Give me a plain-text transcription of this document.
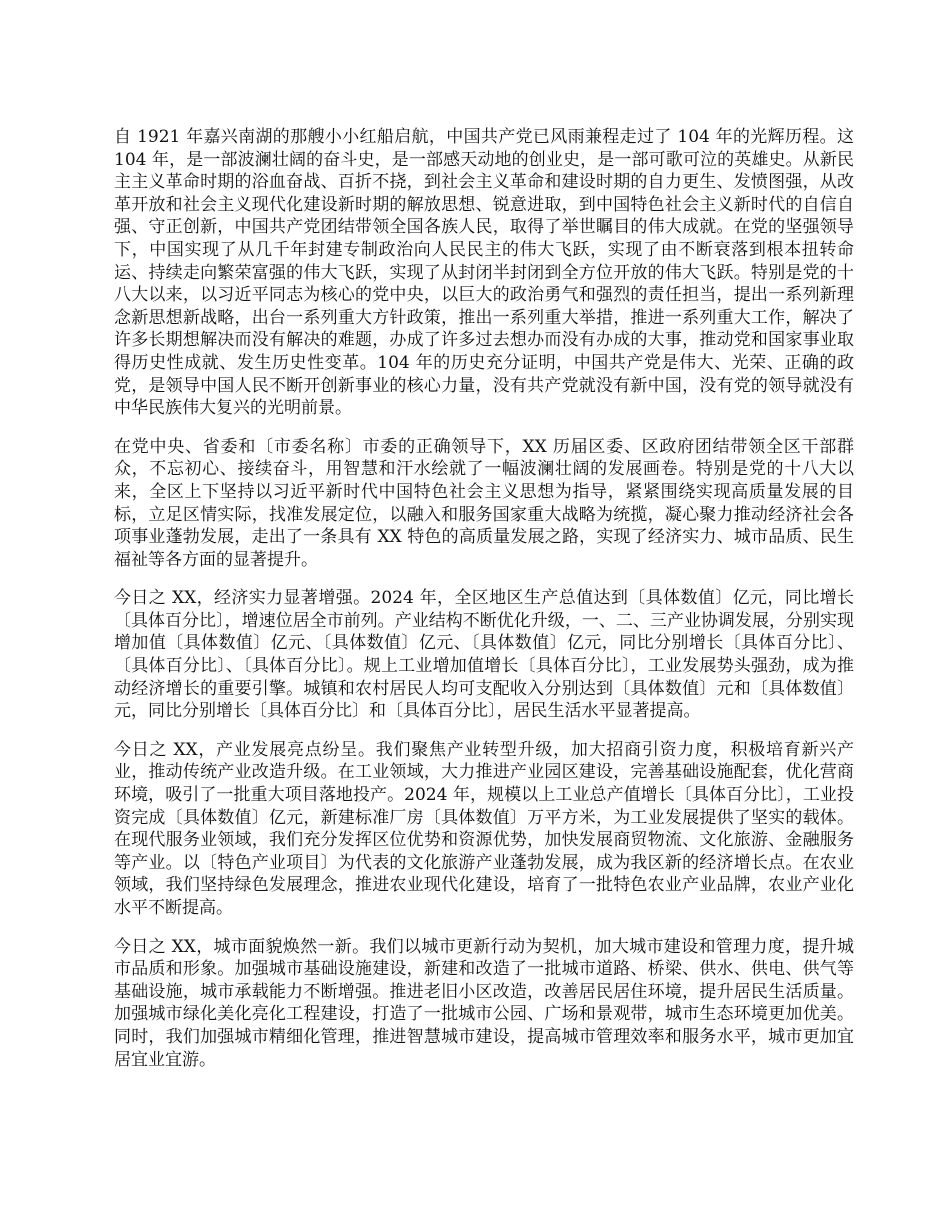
自 1921 年嘉兴南湖的那艘小小红船启航，中国共产党已风雨兼程走过了 104 年的光辉历程。这 104 年，是一部波澜壮阔的奋斗史，是一部感天动地的创业史，是一部可歌可泣的英雄史。从新民主主义革命时期的浴血奋战、百折不挠，到社会主义革命和建设时期的自力更生、发愤图强，从改革开放和社会主义现代化建设新时期的解放思想、锐意进取，到中国特色社会主义新时代的自信自强、守正创新，中国共产党团结带领全国各族人民，取得了举世瞩目的伟大成就。在党的坚强领导下，中国实现了从几千年封建专制政治向人民民主的伟大飞跃，实现了由不断衰落到根本扭转命运、持续走向繁荣富强的伟大飞跃，实现了从封闭半封闭到全方位开放的伟大飞跃。特别是党的十八大以来，以习近平同志为核心的党中央，以巨大的政治勇气和强烈的责任担当，提出一系列新理念新思想新战略，出台一系列重大方针政策，推出一系列重大举措，推进一系列重大工作，解决了许多长期想解决而没有解决的难题，办成了许多过去想办而没有办成的大事，推动党和国家事业取得历史性成就、发生历史性变革。104 年的历史充分证明，中国共产党是伟大、光荣、正确的政党，是领导中国人民不断开创新事业的核心力量，没有共产党就没有新中国，没有党的领导就没有中华民族伟大复兴的光明前景。

在党中央、省委和〔市委名称〕市委的正确领导下，XX 历届区委、区政府团结带领全区干部群众，不忘初心、接续奋斗，用智慧和汗水绘就了一幅波澜壮阔的发展画卷。特别是党的十八大以来，全区上下坚持以习近平新时代中国特色社会主义思想为指导，紧紧围绕实现高质量发展的目标，立足区情实际，找准发展定位，以融入和服务国家重大战略为统揽，凝心聚力推动经济社会各项事业蓬勃发展，走出了一条具有 XX 特色的高质量发展之路，实现了经济实力、城市品质、民生福祉等各方面的显著提升。

今日之 XX，经济实力显著增强。2024 年，全区地区生产总值达到〔具体数值〕亿元，同比增长〔具体百分比〕，增速位居全市前列。产业结构不断优化升级，一、二、三产业协调发展，分别实现增加值〔具体数值〕亿元、〔具体数值〕亿元、〔具体数值〕亿元，同比分别增长〔具体百分比〕、〔具体百分比〕、〔具体百分比〕。规上工业增加值增长〔具体百分比〕，工业发展势头强劲，成为推动经济增长的重要引擎。城镇和农村居民人均可支配收入分别达到〔具体数值〕元和〔具体数值〕元，同比分别增长〔具体百分比〕和〔具体百分比〕，居民生活水平显著提高。

今日之 XX，产业发展亮点纷呈。我们聚焦产业转型升级，加大招商引资力度，积极培育新兴产业，推动传统产业改造升级。在工业领域，大力推进产业园区建设，完善基础设施配套，优化营商环境，吸引了一批重大项目落地投产。2024 年，规模以上工业总产值增长〔具体百分比〕，工业投资完成〔具体数值〕亿元，新建标准厂房〔具体数值〕万平方米，为工业发展提供了坚实的载体。在现代服务业领域，我们充分发挥区位优势和资源优势，加快发展商贸物流、文化旅游、金融服务等产业。以〔特色产业项目〕为代表的文化旅游产业蓬勃发展，成为我区新的经济增长点。在农业领域，我们坚持绿色发展理念，推进农业现代化建设，培育了一批特色农业产业品牌，农业产业化水平不断提高。

今日之 XX，城市面貌焕然一新。我们以城市更新行动为契机，加大城市建设和管理力度，提升城市品质和形象。加强城市基础设施建设，新建和改造了一批城市道路、桥梁、供水、供电、供气等基础设施，城市承载能力不断增强。推进老旧小区改造，改善居民居住环境，提升居民生活质量。加强城市绿化美化亮化工程建设，打造了一批城市公园、广场和景观带，城市生态环境更加优美。同时，我们加强城市精细化管理，推进智慧城市建设，提高城市管理效率和服务水平，城市更加宜居宜业宜游。
